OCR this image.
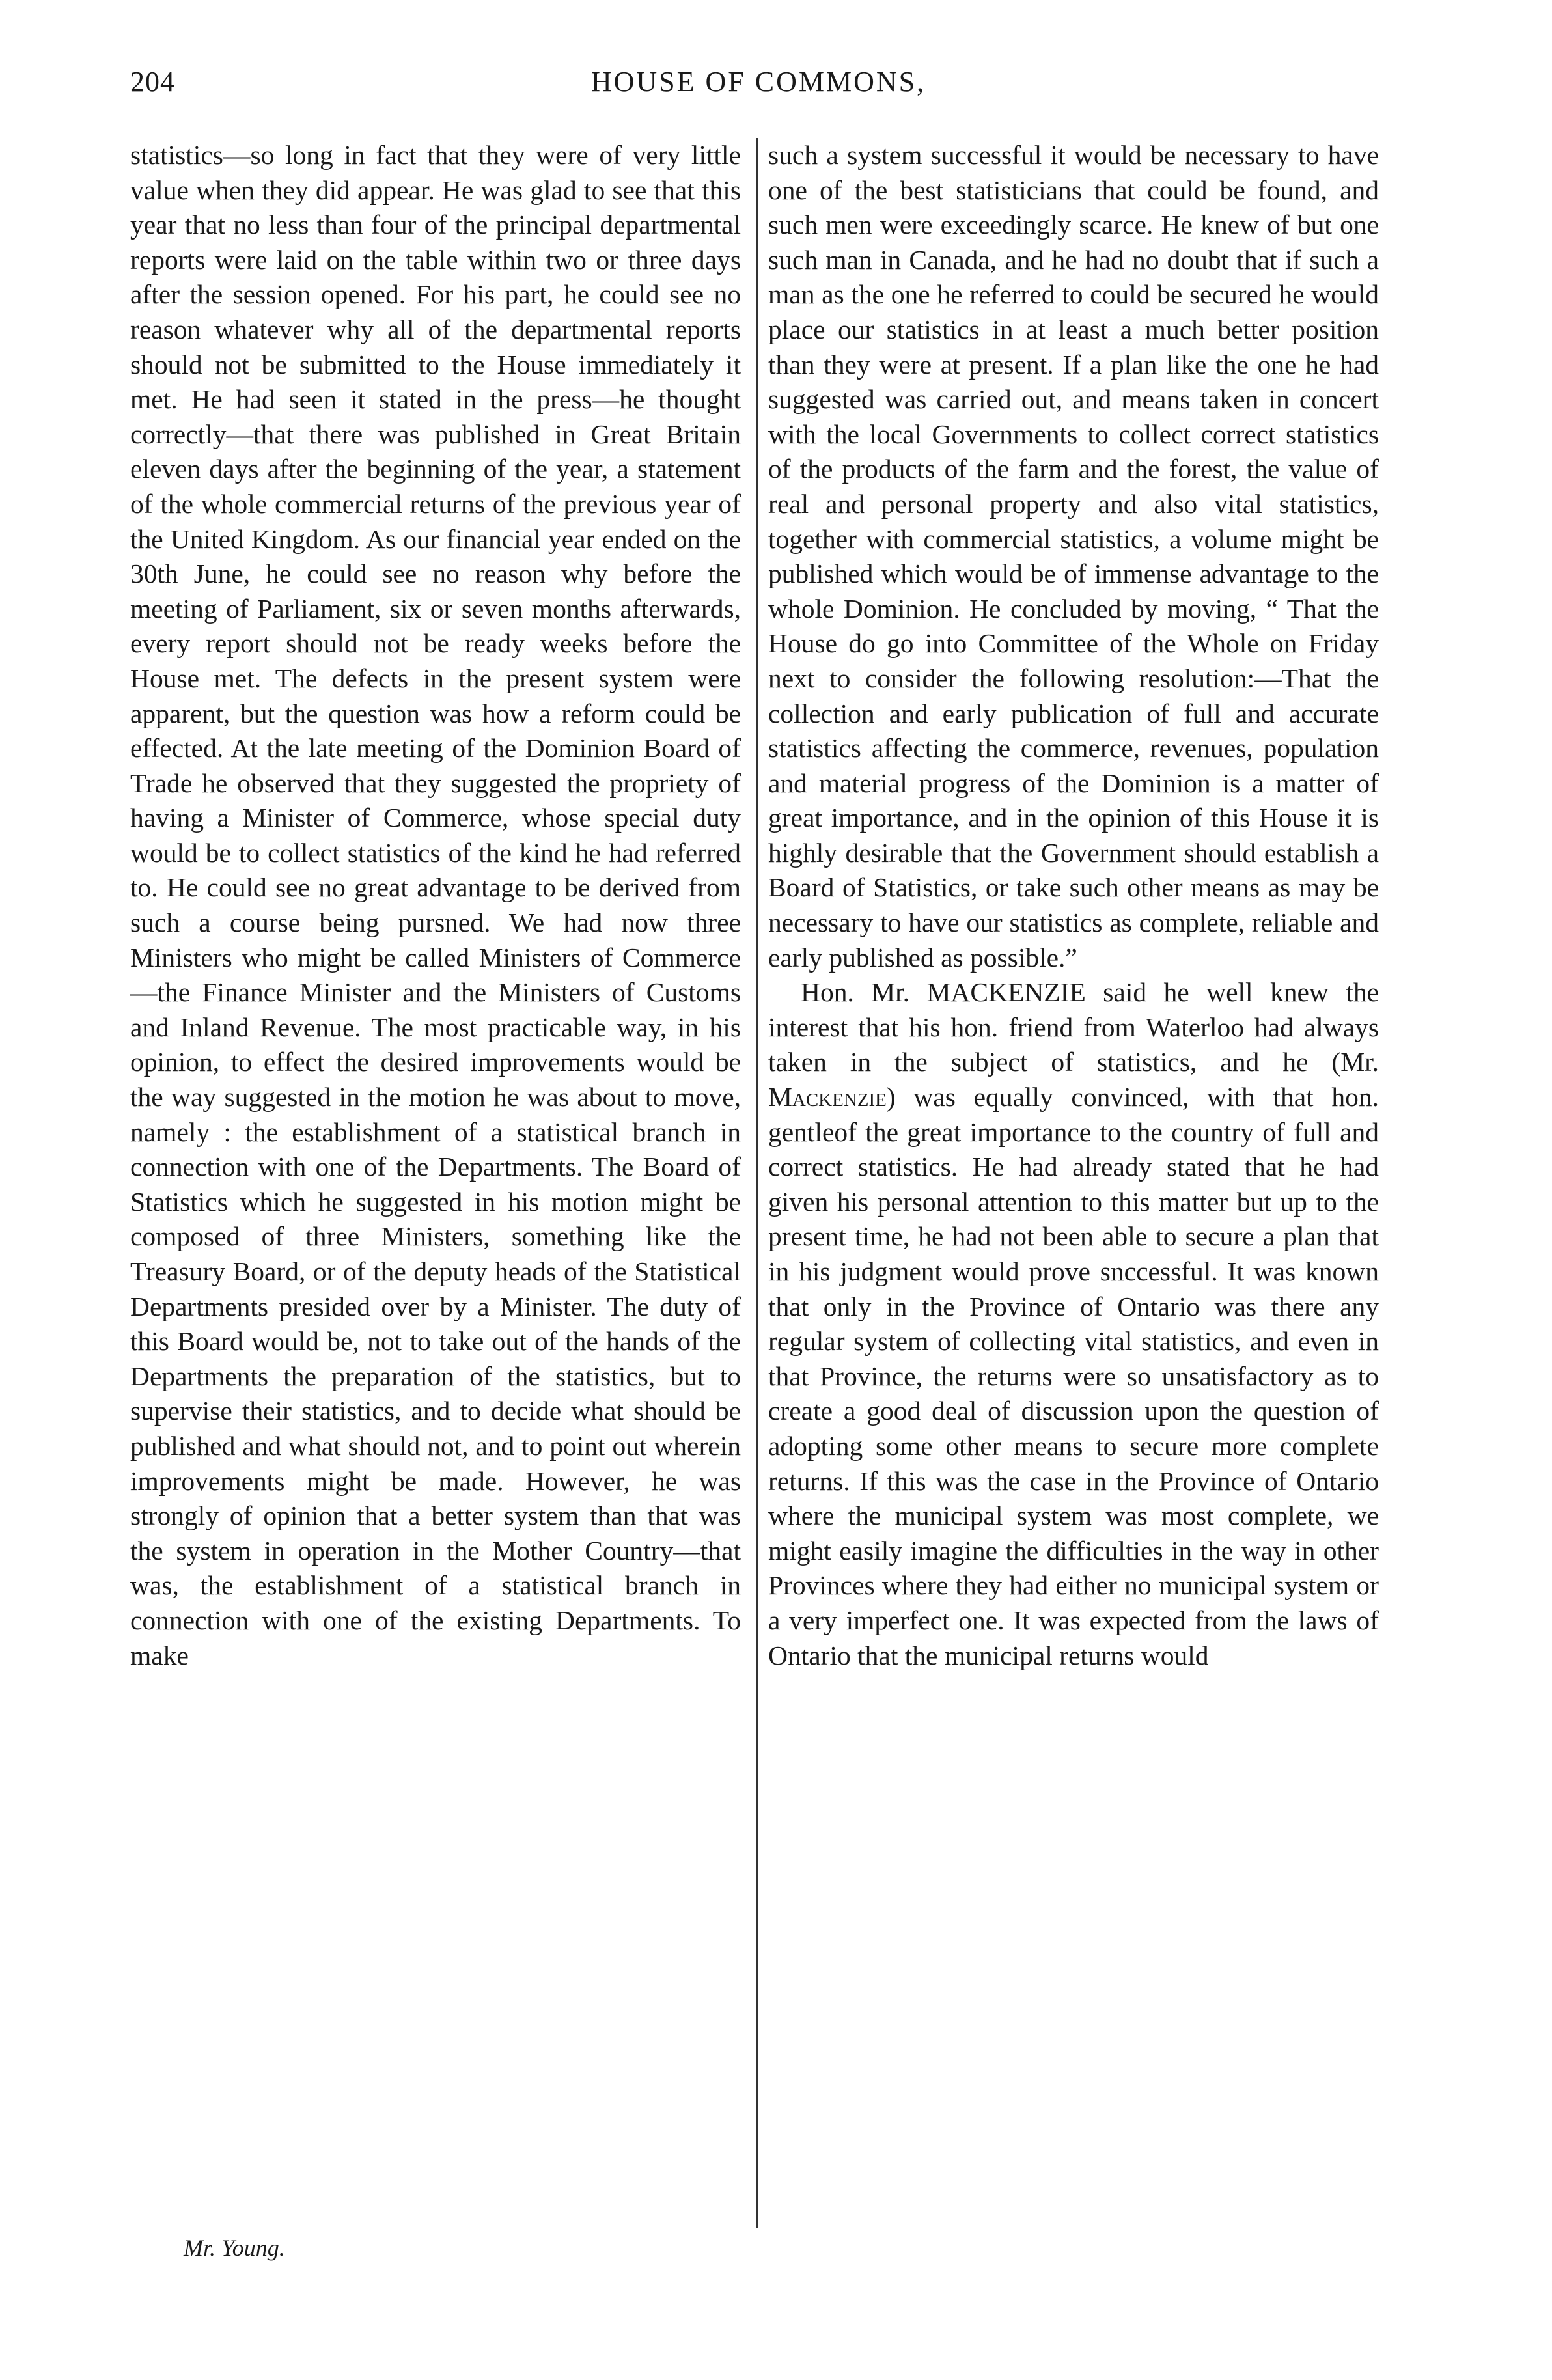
204	HOUSE OF COMMONS,

statistics—so long in fact that they were of very little value when they did appear. He was glad to see that this year that no less than four of the principal departmental reports were laid on the table within two or three days after the session opened. For his part, he could see no reason whatever why all of the departmental reports should not be submitted to the House immediately it met. He had seen it stated in the press—he thought correctly—that there was published in Great Britain eleven days after the beginning of the year, a statement of the whole commercial returns of the previous year of the United Kingdom. As our financial year ended on the 30th June, he could see no reason why before the meeting of Parliament, six or seven months afterwards, every report should not be ready weeks before the House met. The defects in the present system were apparent, but the question was how a reform could be effected. At the late meeting of the Dominion Board of Trade he observed that they suggested the propriety of having a Minister of Commerce, whose special duty would be to collect statistics of the kind he had referred to. He could see no great advantage to be derived from such a course being pursned. We had now three Ministers who might be called Ministers of Commerce—the Finance Minister and the Ministers of Customs and Inland Revenue. The most practicable way, in his opinion, to effect the desired improvements would be the way suggested in the motion he was about to move, namely : the establishment of a statistical branch in connection with one of the Departments. The Board of Statistics which he suggested in his motion might be composed of three Ministers, something like the Treasury Board, or of the deputy heads of the Statistical Departments presided over by a Minister. The duty of this Board would be, not to take out of the hands of the Departments the preparation of the statistics, but to supervise their statistics, and to decide what should be published and what should not, and to point out wherein improvements might be made. However, he was strongly of opinion that a better system than that was the system in operation in the Mother Country—that was, the establishment of a statistical branch in connection with one of the existing Departments. To make

such a system successful it would be necessary to have one of the best statisticians that could be found, and such men were exceedingly scarce. He knew of but one such man in Canada, and he had no doubt that if such a man as the one he referred to could be secured he would place our statistics in at least a much better position than they were at present. If a plan like the one he had suggested was carried out, and means taken in concert with the local Governments to collect correct statistics of the products of the farm and the forest, the value of real and personal property and also vital statistics, together with commercial statistics, a volume might be published which would be of immense advantage to the whole Dominion. He concluded by moving, “ That the House do go into Committee of the Whole on Friday next to consider the following resolution:—That the collection and early publication of full and accurate statistics affecting the commerce, revenues, population and material progress of the Dominion is a matter of great importance, and in the opinion of this House it is highly desirable that the Government should establish a Board of Statistics, or take such other means as may be necessary to have our statistics as complete, reliable and early published as possible.”

Hon. Mr. MACKENZIE said he well knew the interest that his hon. friend from Waterloo had always taken in the subject of statistics, and he (Mr. Mackenzie) was equally convinced, with that hon. gentleof the great importance to the country of full and correct statistics. He had already stated that he had given his personal attention to this matter but up to the present time, he had not been able to secure a plan that in his judgment would prove snccessful. It was known that only in the Province of Ontario was there any regular system of collecting vital statistics, and even in that Province, the returns were so unsatisfactory as to create a good deal of discussion upon the question of adopting some other means to secure more complete returns. If this was the case in the Province of Ontario where the municipal system was most complete, we might easily imagine the difficulties in the way in other Provinces where they had either no municipal system or a very imperfect one. It was expected from the laws of Ontario that the municipal returns would

Mr. Young.
